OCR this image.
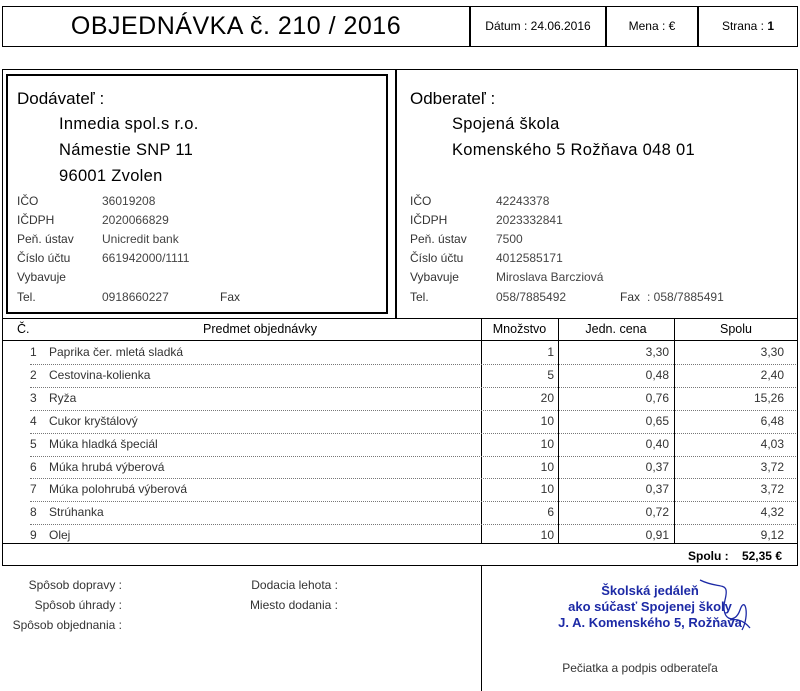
OBJEDNÁVKA č. 210 / 2016	Dátum : 24.06.2016	Mena : €	Strana : 1
Dodávateľ :
Inmedia spol.s r.o.
Námestie SNP 11
96001 Zvolen
IČO	36019208
IČDPH	2020066829
Peň. ústav Unicredit bank
Číslo účtu	661942000/1111
Vybavuje
Tel.	0918660227	Fax
Odberateľ :
Spojená škola
Komenského 5 Rožňava 048 01
IČO	42243378
IČDPH	2023332841
Peň. ústav 7500
Číslo účtu	4012585171
Vybavuje	Miroslava Barcziová
Tel.	058/7885492	Fax : 058/7885491
Č.	Predmet objednávky	Množstvo	Jedn. cena	Spolu
1 Paprika čer. mletá sladká	1	3,30	3,30
2 Cestovina-kolienka	5	0,48	2,40
3 Ryža	20	0,76	15,26
4 Cukor kryštálový	10	0,65	6,48
5 Múka hladká špeciál	10	0,40	4,03
6 Múka hrubá výberová	10	0,37	3,72
7 Múka polohrubá výberová	10	0,37	3,72
8 Strúhanka	6	0,72	4,32
9 Olej	10	0,91	9,12
Spolu :	52,35 €
Spôsob dopravy :
Spôsob úhrady :
Spôsob objednania :
Dodacia lehota :
Miesto dodania :
Školská jedáleň
ako súčasť Spojenej školy
J. A. Komenského 5, Rožňava
Pečiatka a podpis odberateľa
